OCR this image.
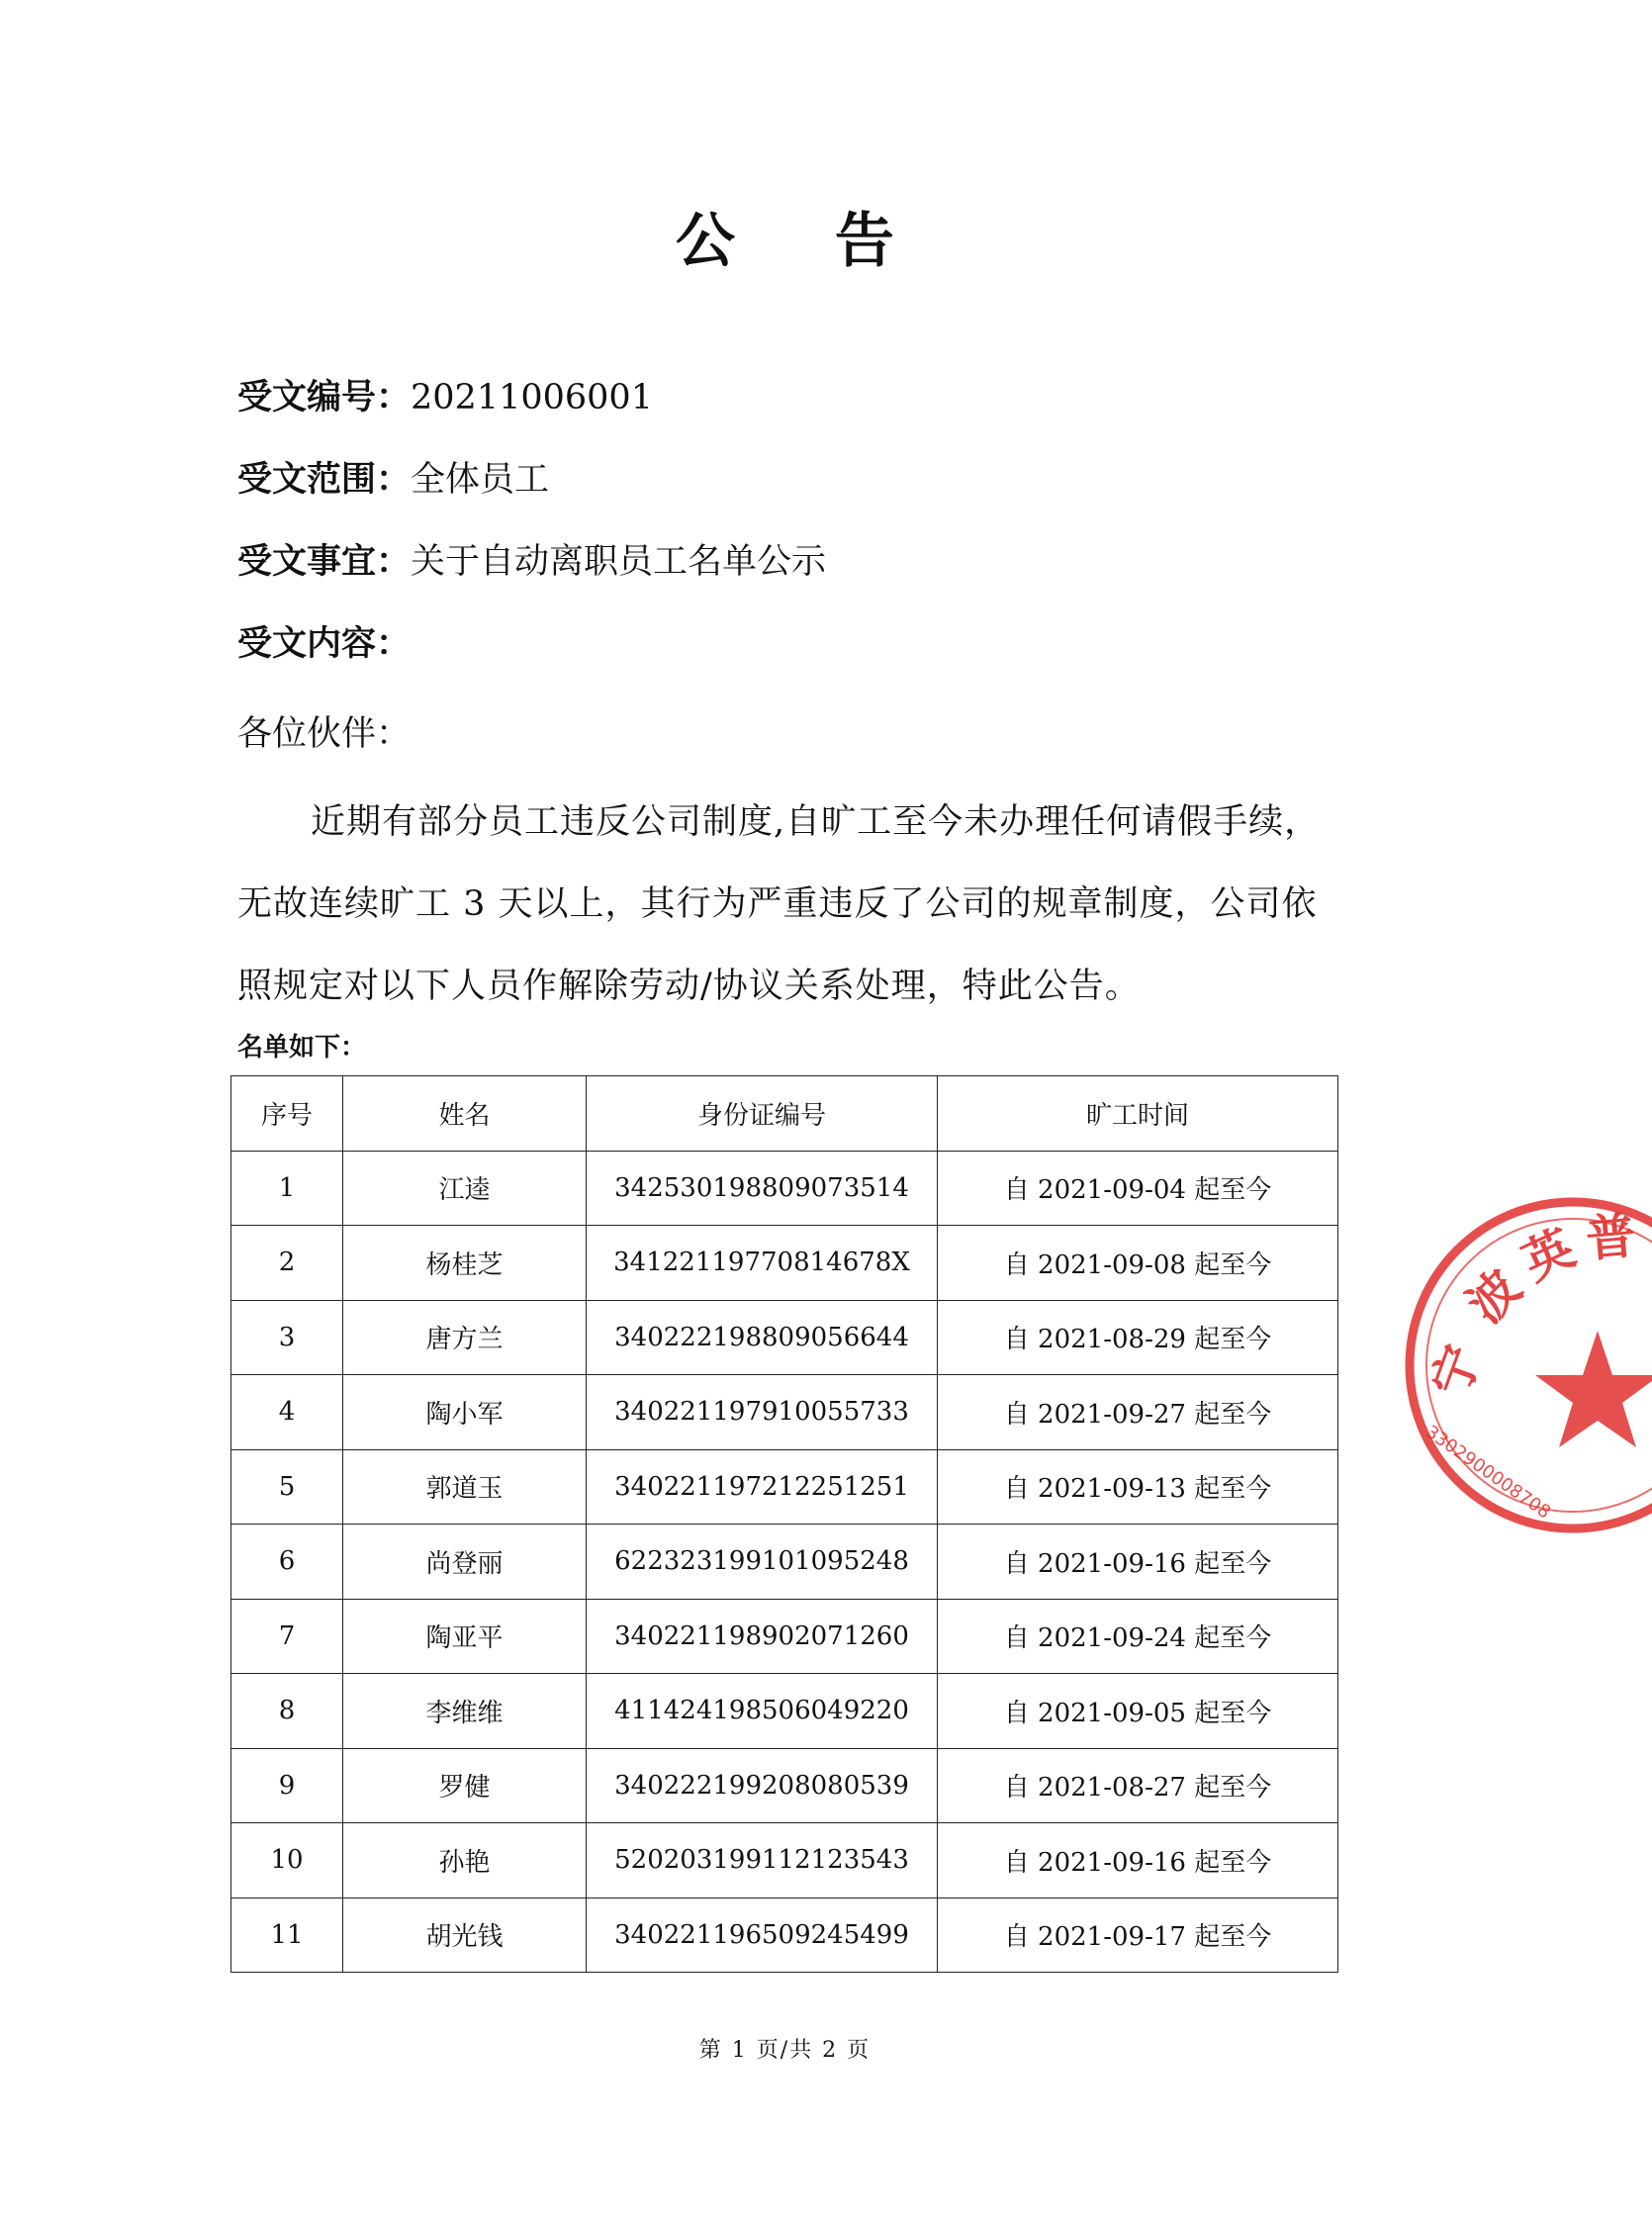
公 告
受文编号：20211006001
受文范围：全体员工
受文事宜：关于自动离职员工名单公示
受文内容：
各位伙伴：
近期有部分员工违反公司制度,自旷工至今未办理任何请假手续，无故连续旷工 3 天以上，其行为严重违反了公司的规章制度，公司依照规定对以下人员作解除劳动/协议关系处理，特此公告。
名单如下：
序号	姓名	身份证编号	旷工时间
1	江逵	342530198809073514	自 2021-09-04 起至今
2	杨桂芝	34122119770814678X	自 2021-09-08 起至今
3	唐方兰	340222198809056644	自 2021-08-29 起至今
4	陶小军	340221197910055733	自 2021-09-27 起至今
5	郭道玉	340221197212251251	自 2021-09-13 起至今
6	尚登丽	622323199101095248	自 2021-09-16 起至今
7	陶亚平	340221198902071260	自 2021-09-24 起至今
8	李维维	411424198506049220	自 2021-09-05 起至今
9	罗健	340222199208080539	自 2021-08-27 起至今
10	孙艳	520203199112123543	自 2021-09-16 起至今
11	胡光钱	340221196509245499	自 2021-09-17 起至今
宁
波
英 普
3302900008708
第 1 页/共 2 页
